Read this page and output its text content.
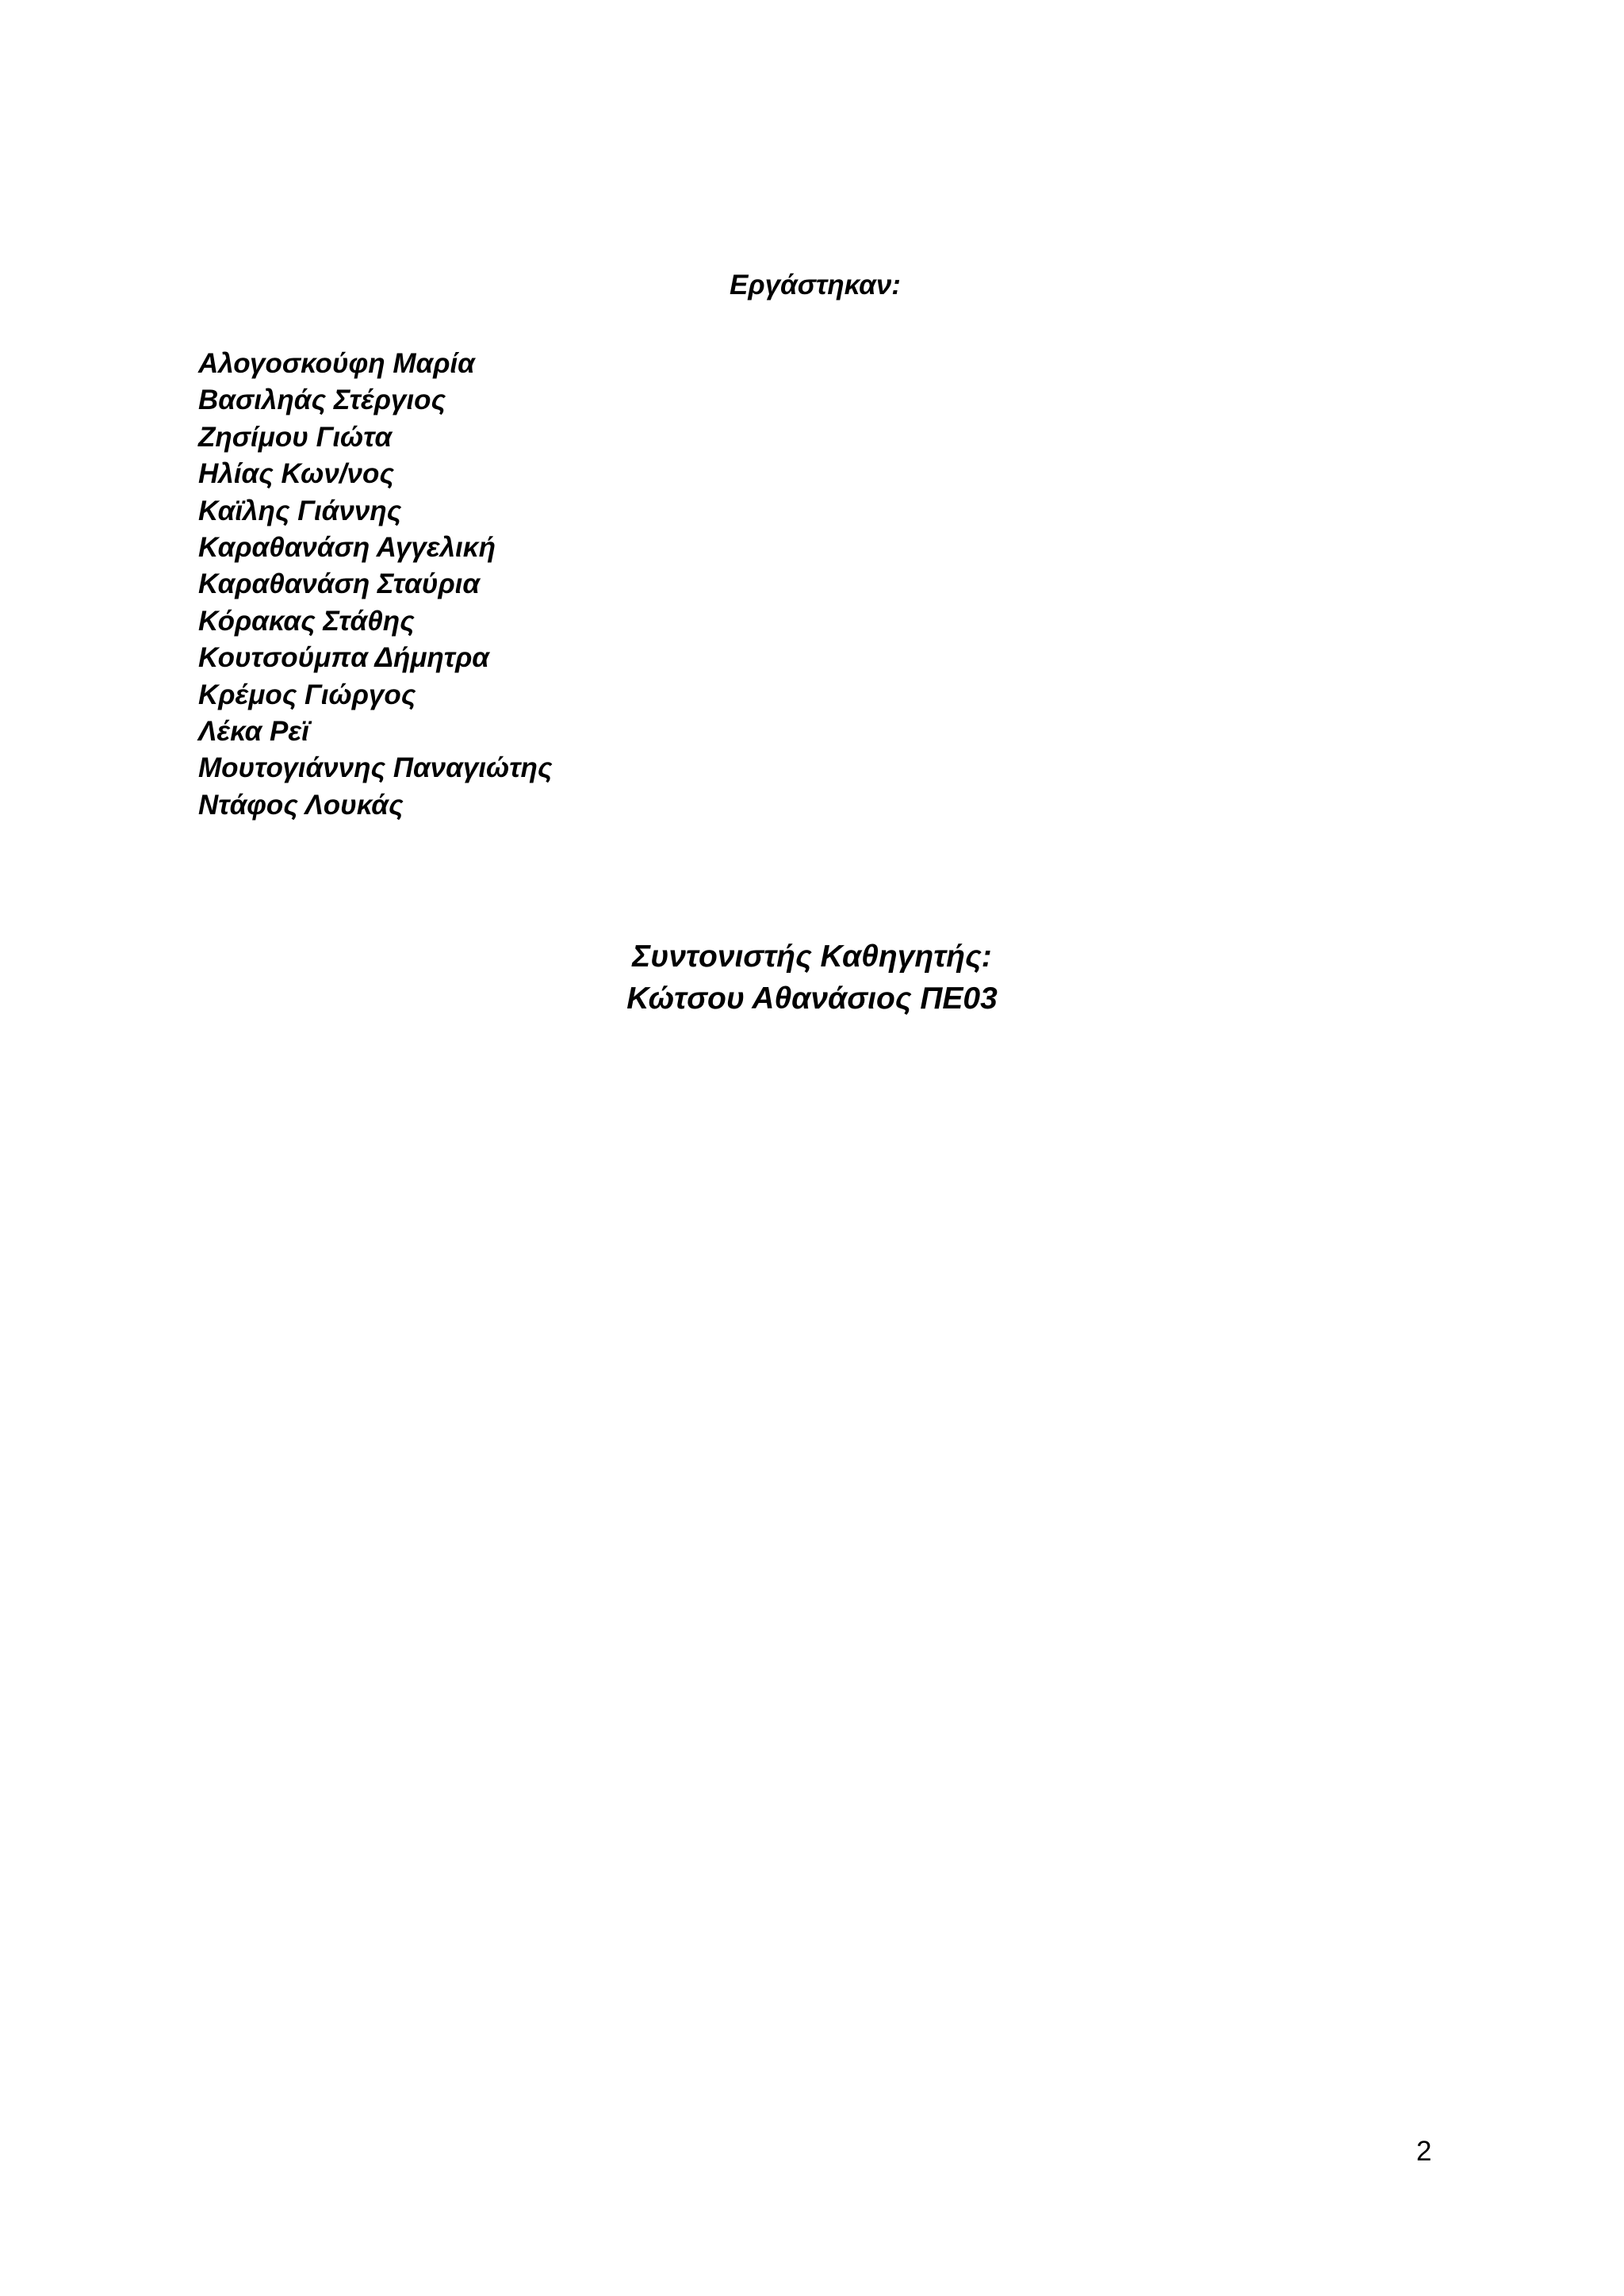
Εργάστηκαν:
Αλογοσκούφη Μαρία
Βασιληάς Στέργιος
Ζησίμου Γιώτα
Ηλίας Κων/νος
Καϊλης Γιάννης
Καραθανάση Αγγελική
Καραθανάση Σταύρια
Κόρακας Στάθης
Κουτσούμπα Δήμητρα
Κρέμος Γιώργος
Λέκα Ρεϊ
Μουτογιάννης Παναγιώτης
Ντάφος Λουκάς
Συντονιστής Καθηγητής:
Κώτσου Αθανάσιος ΠΕ03
2
